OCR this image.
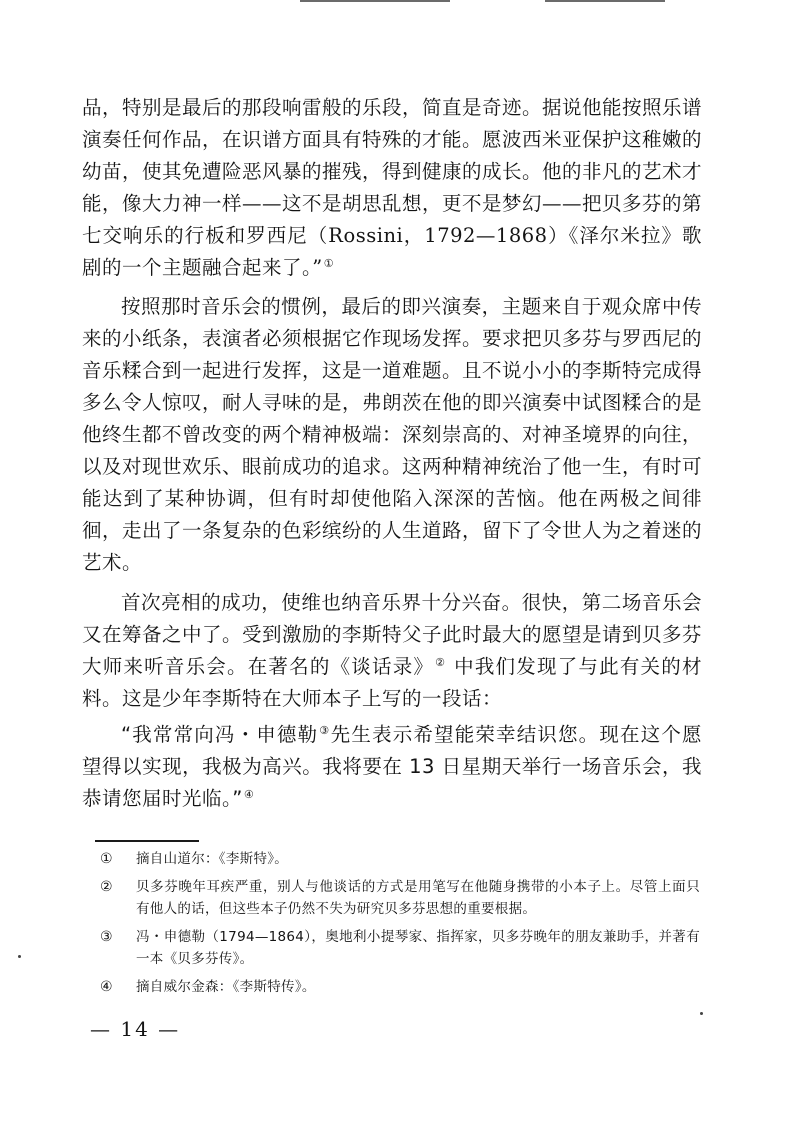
品，特别是最后的那段响雷般的乐段，简直是奇迹。据说他能按照乐谱演奏任何作品，在识谱方面具有特殊的才能。愿波西米亚保护这稚嫩的幼苗，使其免遭险恶风暴的摧残，得到健康的成长。他的非凡的艺术才能，像大力神一样——这不是胡思乱想，更不是梦幻——把贝多芬的第七交响乐的行板和罗西尼（Rossini，1792—1868）《泽尔米拉》歌剧的一个主题融合起来了。”①

按照那时音乐会的惯例，最后的即兴演奏，主题来自于观众席中传来的小纸条，表演者必须根据它作现场发挥。要求把贝多芬与罗西尼的音乐糅合到一起进行发挥，这是一道难题。且不说小小的李斯特完成得多么令人惊叹，耐人寻味的是，弗朗茨在他的即兴演奏中试图糅合的是他终生都不曾改变的两个精神极端：深刻崇高的、对神圣境界的向往，以及对现世欢乐、眼前成功的追求。这两种精神统治了他一生，有时可能达到了某种协调，但有时却使他陷入深深的苦恼。他在两极之间徘徊，走出了一条复杂的色彩缤纷的人生道路，留下了令世人为之着迷的艺术。

首次亮相的成功，使维也纳音乐界十分兴奋。很快，第二场音乐会又在筹备之中了。受到激励的李斯特父子此时最大的愿望是请到贝多芬大师来听音乐会。在著名的《谈话录》② 中我们发现了与此有关的材料。这是少年李斯特在大师本子上写的一段话：

“我常常向冯・申德勒③先生表示希望能荣幸结识您。现在这个愿望得以实现，我极为高兴。我将要在 13 日星期天举行一场音乐会，我恭请您届时光临。”④

①	摘自山道尔：《李斯特》。
②	贝多芬晚年耳疾严重，别人与他谈话的方式是用笔写在他随身携带的小本子上。尽管上面只有他人的话，但这些本子仍然不失为研究贝多芬思想的重要根据。
③	冯・申德勒（1794—1864），奥地利小提琴家、指挥家，贝多芬晚年的朋友兼助手，并著有一本《贝多芬传》。
④	摘自威尔金森：《李斯特传》。
— 14 —
